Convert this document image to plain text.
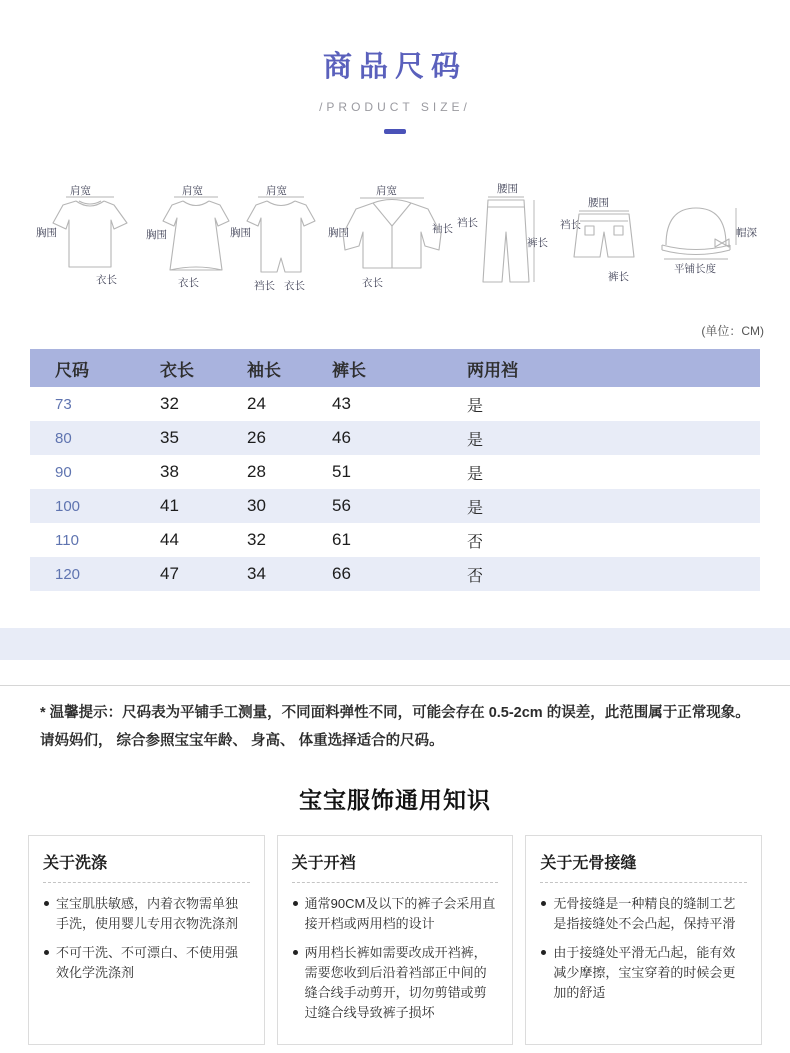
商品尺码
/PRODUCT SIZE/
肩宽
胸围
衣长
肩宽
胸围
衣长
肩宽
胸围
裆长 衣长
肩宽
胸围	袖长
衣长
腰围
裆长
裤长
腰围
裆长
裤长
帽深
平铺长度
(单位：CM)
尺码	衣长	袖长	裤长	两用裆
73	32	24	43	是
80	35	26	46	是
90	38	28	51	是
100	41	30	56	是
110	44	32	61	否
120	47	34	66	否
* 温馨提示：尺码表为平铺手工测量，不同面料弹性不同，可能会存在 0.5-2cm 的误差，此范围属于正常现象。
请妈妈们， 综合参照宝宝年龄、 身高、 体重选择适合的尺码。
宝宝服饰通用知识
关于洗涤
宝宝肌肤敏感，内着衣物需单独手洗，使用婴儿专用衣物洗涤剂
不可干洗、不可漂白、不使用强效化学洗涤剂
关于开裆
通常90CM及以下的裤子会采用直接开档或两用档的设计
两用档长裤如需要改成开裆裤，需要您收到后沿着裆部正中间的缝合线手动剪开，切勿剪错或剪过缝合线导致裤子损坏
关于无骨接缝
无骨接缝是一种精良的缝制工艺是指接缝处不会凸起，保持平滑
由于接缝处平滑无凸起，能有效减少摩擦，宝宝穿着的时候会更加的舒适
